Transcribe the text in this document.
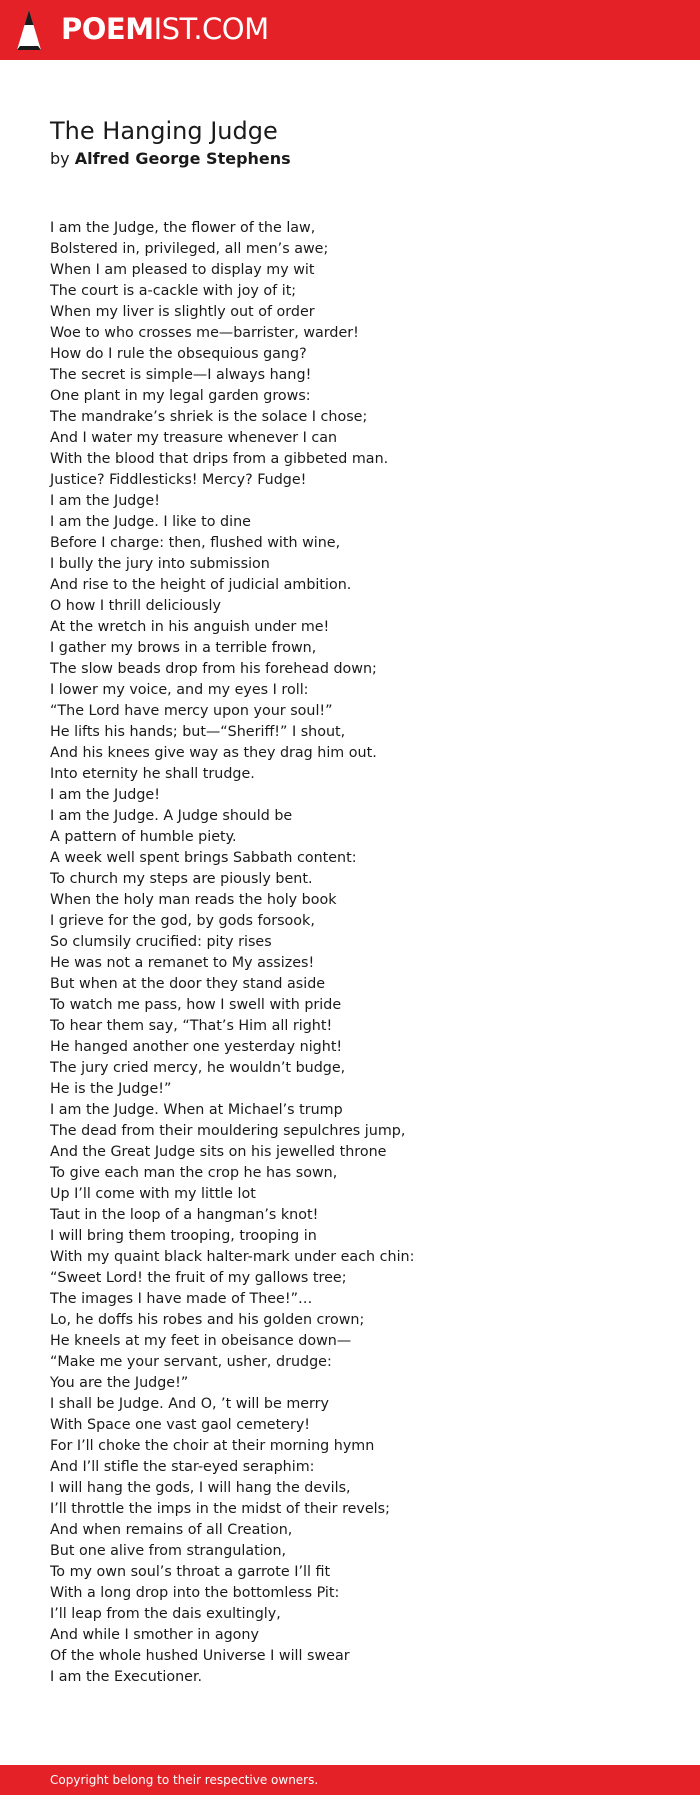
POEMIST.COM
The Hanging Judge
by Alfred George Stephens
I am the Judge, the flower of the law,
Bolstered in, privileged, all men’s awe;
When I am pleased to display my wit
The court is a-cackle with joy of it;
When my liver is slightly out of order
Woe to who crosses me—barrister, warder!
How do I rule the obsequious gang?
The secret is simple—I always hang!
One plant in my legal garden grows:
The mandrake’s shriek is the solace I chose;
And I water my treasure whenever I can
With the blood that drips from a gibbeted man.
Justice? Fiddlesticks! Mercy? Fudge!
I am the Judge!
I am the Judge. I like to dine
Before I charge: then, flushed with wine,
I bully the jury into submission
And rise to the height of judicial ambition.
O how I thrill deliciously
At the wretch in his anguish under me!
I gather my brows in a terrible frown,
The slow beads drop from his forehead down;
I lower my voice, and my eyes I roll:
“The Lord have mercy upon your soul!”
He lifts his hands; but—“Sheriff!” I shout,
And his knees give way as they drag him out.
Into eternity he shall trudge.
I am the Judge!
I am the Judge. A Judge should be
A pattern of humble piety.
A week well spent brings Sabbath content:
To church my steps are piously bent.
When the holy man reads the holy book
I grieve for the god, by gods forsook,
So clumsily crucified: pity rises
He was not a remanet to My assizes!
But when at the door they stand aside
To watch me pass, how I swell with pride
To hear them say, “That’s Him all right!
He hanged another one yesterday night!
The jury cried mercy, he wouldn’t budge,
He is the Judge!”
I am the Judge. When at Michael’s trump
The dead from their mouldering sepulchres jump,
And the Great Judge sits on his jewelled throne
To give each man the crop he has sown,
Up I’ll come with my little lot
Taut in the loop of a hangman’s knot!
I will bring them trooping, trooping in
With my quaint black halter-mark under each chin:
“Sweet Lord! the fruit of my gallows tree;
The images I have made of Thee!”…
Lo, he doffs his robes and his golden crown;
He kneels at my feet in obeisance down—
“Make me your servant, usher, drudge:
You are the Judge!”
I shall be Judge. And O, ’t will be merry
With Space one vast gaol cemetery!
For I’ll choke the choir at their morning hymn
And I’ll stifle the star-eyed seraphim:
I will hang the gods, I will hang the devils,
I’ll throttle the imps in the midst of their revels;
And when remains of all Creation,
But one alive from strangulation,
To my own soul’s throat a garrote I’ll fit
With a long drop into the bottomless Pit:
I’ll leap from the dais exultingly,
And while I smother in agony
Of the whole hushed Universe I will swear
I am the Executioner.
Copyright belong to their respective owners.
